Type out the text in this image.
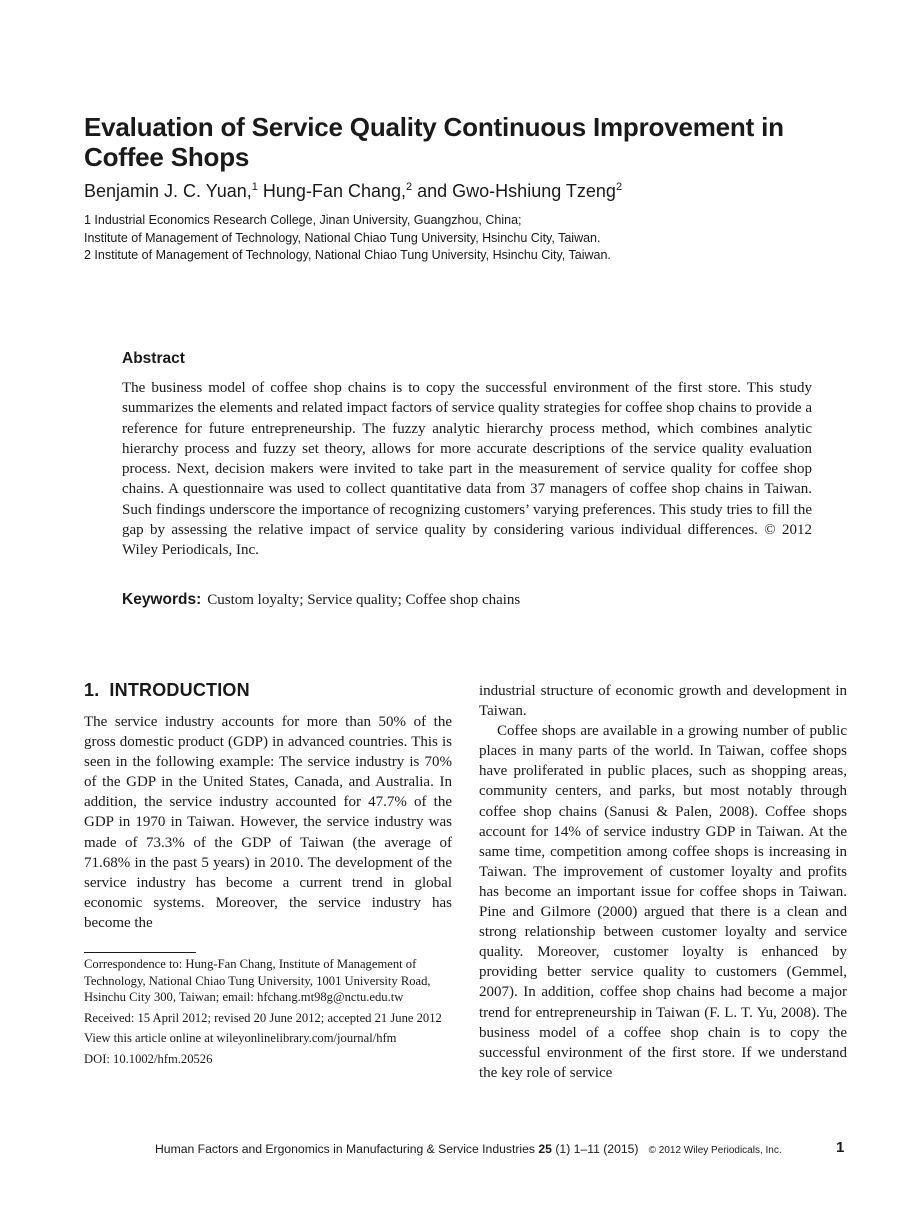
Evaluation of Service Quality Continuous Improvement in Coffee Shops
Benjamin J. C. Yuan,$^1$ Hung-Fan Chang,$^2$ and Gwo-Hshiung Tzeng$^2$
1 Industrial Economics Research College, Jinan University, Guangzhou, China;
Institute of Management of Technology, National Chiao Tung University, Hsinchu City, Taiwan.
2 Institute of Management of Technology, National Chiao Tung University, Hsinchu City, Taiwan.
Abstract
The business model of coffee shop chains is to copy the successful environment of the first store. This study summarizes the elements and related impact factors of service quality strategies for coffee shop chains to provide a reference for future entrepreneurship. The fuzzy analytic hierarchy process method, which combines analytic hierarchy process and fuzzy set theory, allows for more accurate descriptions of the service quality evaluation process. Next, decision makers were invited to take part in the measurement of service quality for coffee shop chains. A questionnaire was used to collect quantitative data from 37 managers of coffee shop chains in Taiwan. Such findings underscore the importance of recognizing customers’ varying preferences. This study tries to fill the gap by assessing the relative impact of service quality by considering various individual differences. © 2012 Wiley Periodicals, Inc.
Keywords: Custom loyalty; Service quality; Coffee shop chains
1. INTRODUCTION

The service industry accounts for more than 50% of the gross domestic product (GDP) in advanced countries. This is seen in the following example: The service industry is 70% of the GDP in the United States, Canada, and Australia. In addition, the service industry accounted for 47.7% of the GDP in 1970 in Taiwan. However, the service industry was made of 73.3% of the GDP of Taiwan (the average of 71.68% in the past 5 years) in 2010. The development of the service industry has become a current trend in global economic systems. Moreover, the service industry has become the

industrial structure of economic growth and development in Taiwan.

Coffee shops are available in a growing number of public places in many parts of the world. In Taiwan, coffee shops have proliferated in public places, such as shopping areas, community centers, and parks, but most notably through coffee shop chains (Sanusi & Palen, 2008). Coffee shops account for 14% of service industry GDP in Taiwan. At the same time, competition among coffee shops is increasing in Taiwan. The improvement of customer loyalty and profits has become an important issue for coffee shops in Taiwan. Pine and Gilmore (2000) argued that there is a clean and strong relationship between customer loyalty and service quality. Moreover, customer loyalty is enhanced by providing better service quality to customers (Gemmel, 2007). In addition, coffee shop chains had become a major trend for entrepreneurship in Taiwan (F. L. T. Yu, 2008). The business model of a coffee shop chain is to copy the successful environment of the first store. If we understand the key role of service

Correspondence to: Hung-Fan Chang, Institute of Management of Technology, National Chiao Tung University, 1001 University Road, Hsinchu City 300, Taiwan; email: hfchang.mt98g@nctu.edu.tw

Received: 15 April 2012; revised 20 June 2012; accepted 21 June 2012

View this article online at wileyonlinelibrary.com/journal/hfm

DOI: 10.1002/hfm.20526

Human Factors and Ergonomics in Manufacturing & Service Industries 25 (1) 1–11 (2015) © 2012 Wiley Periodicals, Inc.	1
